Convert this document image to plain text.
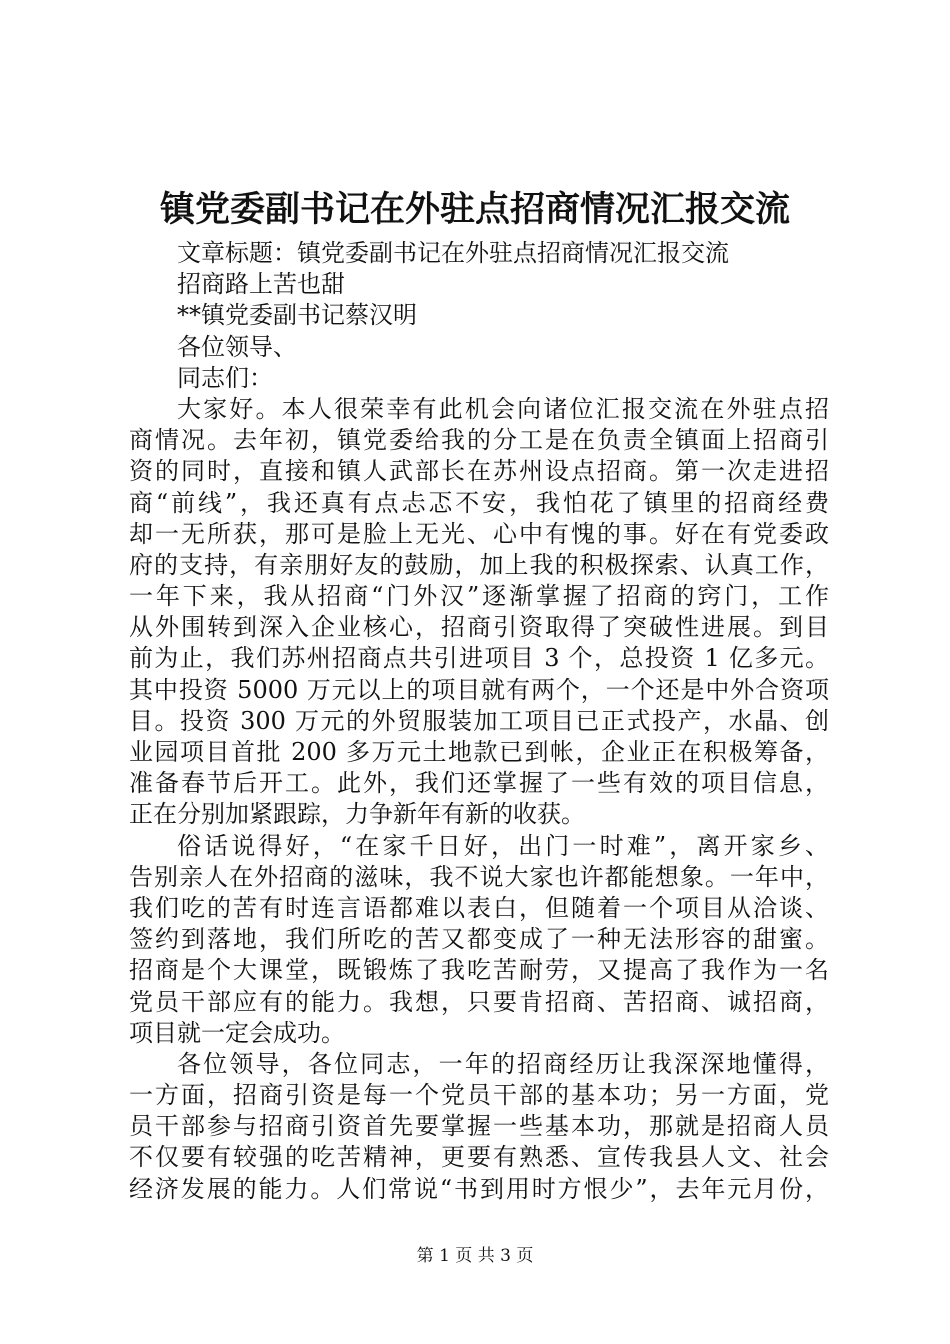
镇党委副书记在外驻点招商情况汇报交流
文章标题：镇党委副书记在外驻点招商情况汇报交流
招商路上苦也甜
**镇党委副书记蔡汉明
各位领导、
同志们：
大家好。本人很荣幸有此机会向诸位汇报交流在外驻点招
商情况。去年初，镇党委给我的分工是在负责全镇面上招商引
资的同时，直接和镇人武部长在苏州设点招商。第一次走进招
商“前线”，我还真有点忐忑不安，我怕花了镇里的招商经费
却一无所获，那可是脸上无光、心中有愧的事。好在有党委政
府的支持，有亲朋好友的鼓励，加上我的积极探索、认真工作，
一年下来，我从招商“门外汉”逐渐掌握了招商的窍门，工作
从外围转到深入企业核心，招商引资取得了突破性进展。到目
前为止，我们苏州招商点共引进项目 3 个，总投资 1 亿多元。
其中投资 5000 万元以上的项目就有两个，一个还是中外合资项
目。投资 300 万元的外贸服装加工项目已正式投产，水晶、创
业园项目首批 200 多万元土地款已到帐，企业正在积极筹备，
准备春节后开工。此外，我们还掌握了一些有效的项目信息，
正在分别加紧跟踪，力争新年有新的收获。
俗话说得好，“在家千日好，出门一时难”，离开家乡、
告别亲人在外招商的滋味，我不说大家也许都能想象。一年中，
我们吃的苦有时连言语都难以表白，但随着一个项目从洽谈、
签约到落地，我们所吃的苦又都变成了一种无法形容的甜蜜。
招商是个大课堂，既锻炼了我吃苦耐劳，又提高了我作为一名
党员干部应有的能力。我想，只要肯招商、苦招商、诚招商，
项目就一定会成功。
各位领导，各位同志，一年的招商经历让我深深地懂得，
一方面，招商引资是每一个党员干部的基本功；另一方面，党
员干部参与招商引资首先要掌握一些基本功，那就是招商人员
不仅要有较强的吃苦精神，更要有熟悉、宣传我县人文、社会
经济发展的能力。人们常说“书到用时方恨少”，去年元月份，
第 1 页 共 3 页
